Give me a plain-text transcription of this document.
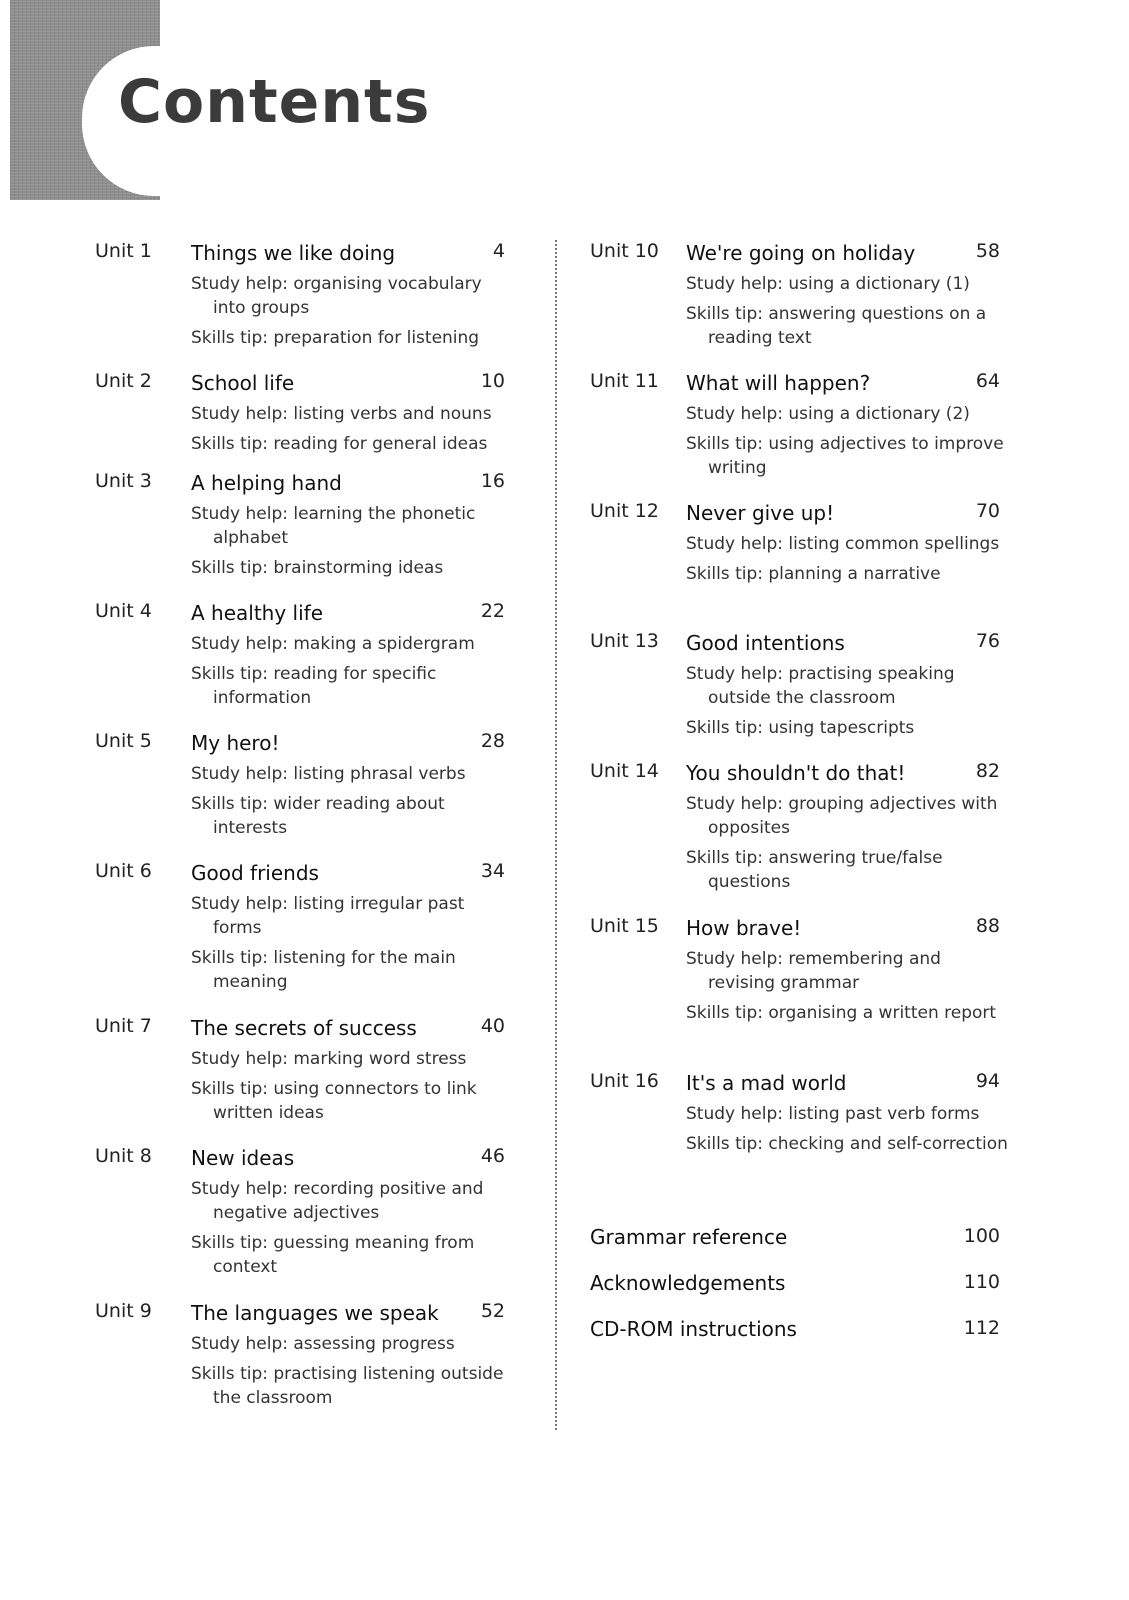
Contents
Unit 1 Things we like doing	4
Study help: organising vocabulary into groups
Skills tip: preparation for listening
Unit 2 School life	10
Study help: listing verbs and nouns
Skills tip: reading for general ideas
Unit 3 A helping hand	16
Study help: learning the phonetic alphabet
Skills tip: brainstorming ideas
Unit 4 A healthy life	22
Study help: making a spidergram
Skills tip: reading for specific information
Unit 5 My hero!	28
Study help: listing phrasal verbs
Skills tip: wider reading about interests
Unit 6 Good friends	34
Study help: listing irregular past forms
Skills tip: listening for the main meaning
Unit 7 The secrets of success	40
Study help: marking word stress
Skills tip: using connectors to link written ideas
Unit 8 New ideas	46
Study help: recording positive and negative adjectives
Skills tip: guessing meaning from context
Unit 9 The languages we speak	52
Study help: assessing progress
Skills tip: practising listening outside the classroom
Unit 10 We're going on holiday	58
Study help: using a dictionary (1)
Skills tip: answering questions on a reading text
Unit 11 What will happen?	64
Study help: using a dictionary (2)
Skills tip: using adjectives to improve writing
Unit 12 Never give up!	70
Study help: listing common spellings
Skills tip: planning a narrative
Unit 13 Good intentions	76
Study help: practising speaking outside the classroom
Skills tip: using tapescripts
Unit 14 You shouldn't do that!	82
Study help: grouping adjectives with opposites
Skills tip: answering true/false questions
Unit 15 How brave!	88
Study help: remembering and revising grammar
Skills tip: organising a written report
Unit 16 It's a mad world	94
Study help: listing past verb forms
Skills tip: checking and self-correction
Grammar reference	100
Acknowledgements	110
CD-ROM instructions	112
